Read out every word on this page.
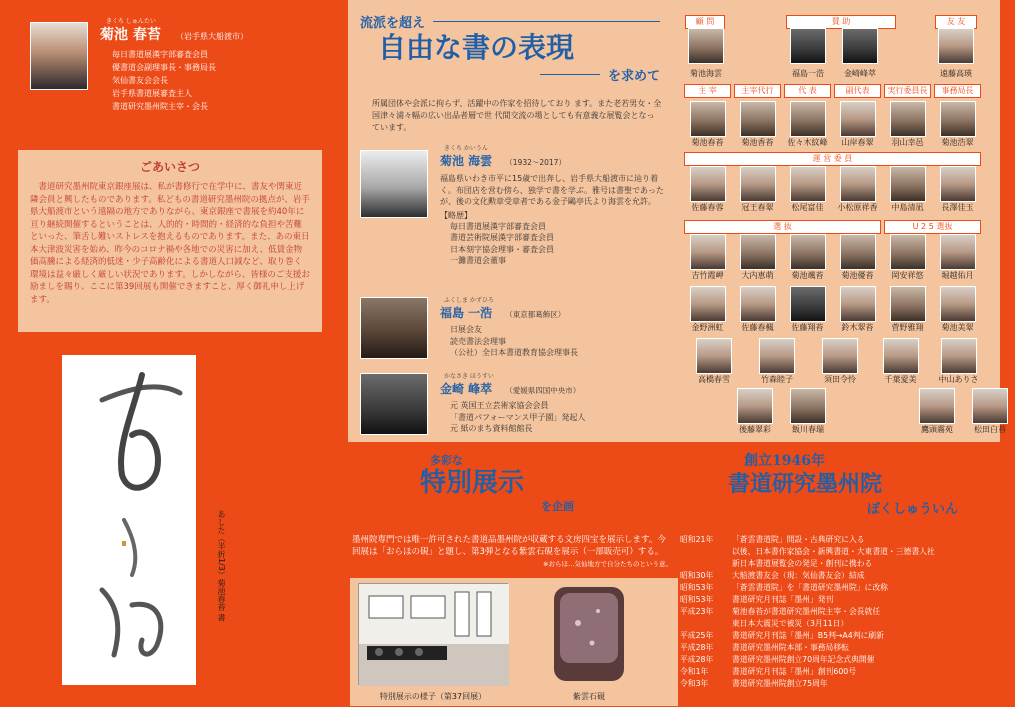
きくち しゅんたい
菊池 春苔 （岩手県大船渡市）
毎日書道展漢字部審査会員
優書道会副理事長・事務局長
気仙書友会会長
岩手県書道展審査主人
書道研究墨州院主宰・会長
ごあいさつ
書道研究墨州院東京銀座展は、私が書修行で在学中に、書友や関東近隣会員と興したものであります。私どもの書道研究墨州院の拠点が、岩手県大船渡市という遠隔の地方でありながら、東京銀座で書展を約40年に亘り継続開催するということは、人的的・時間的・経済的な負担や苦難といった、筆舌し難いストレスを抱えるものであります。また、あの東日本大津波災害を始め、昨今のコロナ禍や各地での災害に加え、低賃金物価高騰による経済的低迷・少子高齢化による書道人口減など、取り巻く環境は益々厳しく厳しい状況であります。しかしながら、皆様のご支援お励ましを賜り、ここに第39回展も開催できますこと、厚く御礼申し上げます。
あした（半折1/3）菊池春苔 書
流派を超え
自由な書の表現
を求めて
所属団体や会派に拘らず、活躍中の作家を招待しており ます。また老若男女・全国津々浦々幅の広い出品者層で世 代間交流の場としても有意義な展覧会となっています。
きくち かいうん
菊池 海雲 （1932〜2017）
福島県いわき市平に15歳で出奔し、岩手県大船渡市に辿り着く。布団店を営む傍ら、独学で書を学ぶ。雅号は書聖であったが、後の文化勲章受章者である金子鷗亭氏より海雲を允許。
【略歴】
毎日書道展漢字部審査会員
書道芸術院展漢字部審査会員
日本刻字協会理事・審査会員
一灘書道会董事
ふくしま かずひろ
福島 一浩 （東京都葛飾区）
日展会友
読売書法会理事
（公社）全日本書道教育協会理事長
かなさき ほうすい
金崎 峰萃 （愛媛県四国中央市）
元 英国王立芸術家協会会員
「書道パフォーマンス甲子園」発起人
元 紙のまち資料館館長
顧 問	賛 助	友 友
菊池海雲	福島一浩	金崎峰萃	遠藤高瑛
主 宰	主宰代行	代 表	副代表	実行委員長	事務局長
菊池春苔	菊池香苔	佐々木紋峰	山岸春翠	羽山幸邑	菊池浩翠
運 営 委 員
佐藤春蓉	冠王春翠	松尾富佳	小松原祥香	中島清凪	長澤佳玉
選 抜	U 2 5 選抜
吉竹霞岬	大内恵萌	菊池颯苔	菊池優苔	岡安祥悠	堀越佑月
金野洲虹	佐藤春楓	佐藤翔苔	鈴木翠苔	菅野雅翔	菊池美翠
高橋春雪	竹森睦子	須田令怜	千葉愛美	中山ありさ
後藤翠彩	飯川春瑞	鷹頭霧苑	松田白苔
多彩な
特別展示
を企画
墨州院専門では唯一許可された書道品墨州院が収蔵する文房四宝を展示します。今回展は「おらほの硯」と題し、第3弾となる紫雲石硯を展示（一部販売可）する。
※おらほ…気仙地方で自分たちのという意。
特別展示の様子（第37回展）	紫雲石硯
創立1946年
書道研究墨州院
ぼくしゅういん
昭和21年	「蒼雲書道院」開設・古典研究に入る
以後、日本書作家協会・新興書道・大東書道・三德書人社
新日本書道展覧会の発足・創刊に携わる
昭和30年	大船渡書友会（現：気仙書友会）結成
昭和53年	「蒼雲書道院」を「書道研究墨州院」に改称
昭和53年	書道研究月刊誌「墨州」発刊
平成23年	菊池春苔が書道研究墨州院主宰・会長就任
東日本大震災で被災（3月11日）
平成25年	書道研究月刊誌「墨州」B5判→A4判に刷新
平成28年	書道研究墨州院本部・事務局移転
平成28年	書道研究墨州院創立70周年記念式典開催
令和1年	書道研究月刊誌「墨州」創刊600号
令和3年	書道研究墨州院創立75周年
